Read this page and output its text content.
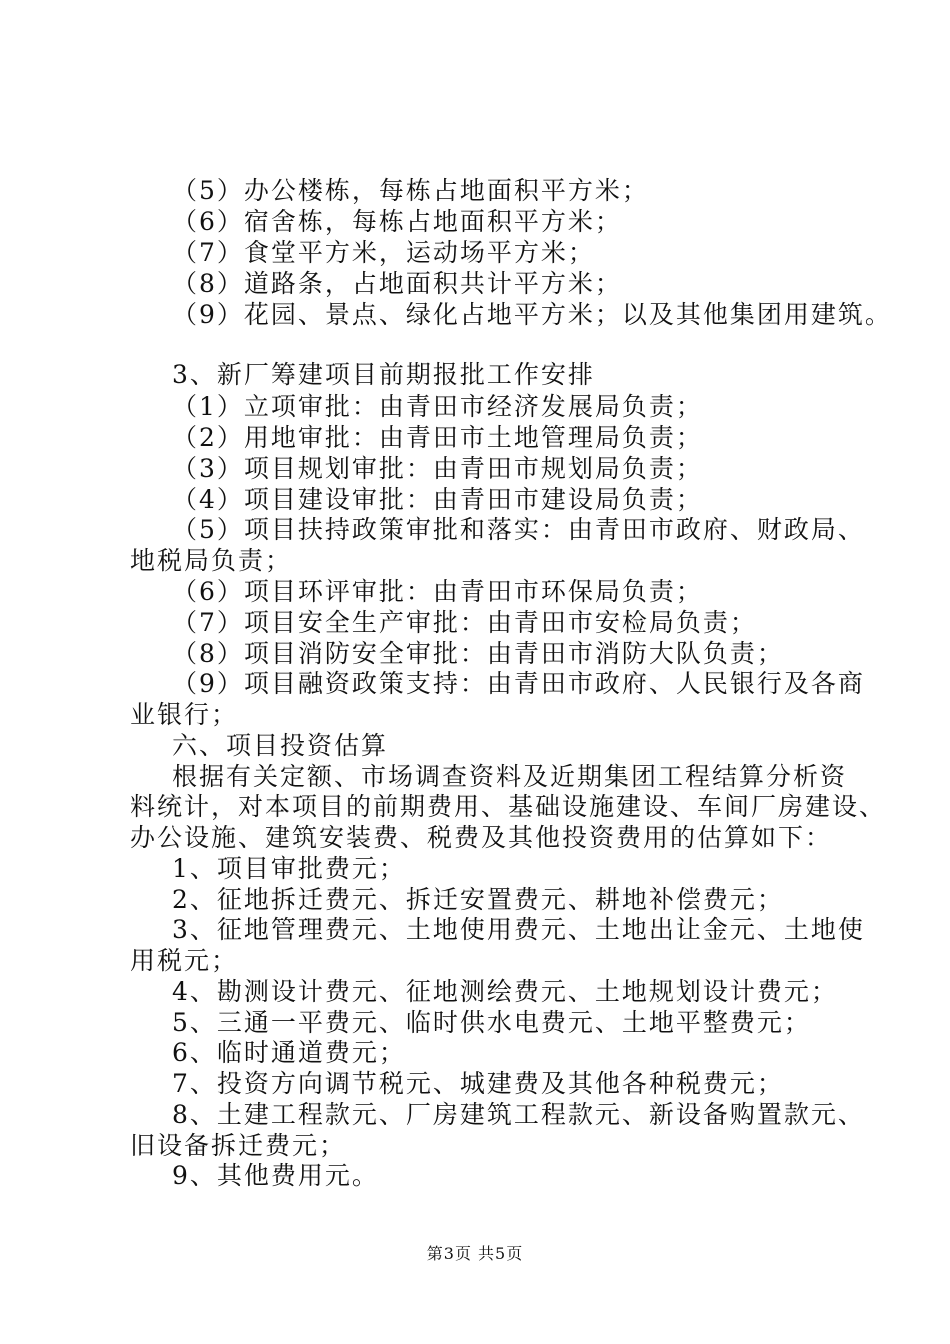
（5）办公楼栋，每栋占地面积平方米；
（6）宿舍栋，每栋占地面积平方米；
（7）食堂平方米，运动场平方米；
（8）道路条，占地面积共计平方米；
（9）花园、景点、绿化占地平方米；以及其他集团用建筑。
3、新厂筹建项目前期报批工作安排
（1）立项审批：由青田市经济发展局负责；
（2）用地审批：由青田市土地管理局负责；
（3）项目规划审批：由青田市规划局负责；
（4）项目建设审批：由青田市建设局负责；
（5）项目扶持政策审批和落实：由青田市政府、财政局、
地税局负责；
（6）项目环评审批：由青田市环保局负责；
（7）项目安全生产审批：由青田市安检局负责；
（8）项目消防安全审批：由青田市消防大队负责；
（9）项目融资政策支持：由青田市政府、人民银行及各商
业银行；
六、项目投资估算
根据有关定额、市场调查资料及近期集团工程结算分析资
料统计，对本项目的前期费用、基础设施建设、车间厂房建设、
办公设施、建筑安装费、税费及其他投资费用的估算如下：
1、项目审批费元；
2、征地拆迁费元、拆迁安置费元、耕地补偿费元；
3、征地管理费元、土地使用费元、土地出让金元、土地使
用税元；
4、勘测设计费元、征地测绘费元、土地规划设计费元；
5、三通一平费元、临时供水电费元、土地平整费元；
6、临时通道费元；
7、投资方向调节税元、城建费及其他各种税费元；
8、土建工程款元、厂房建筑工程款元、新设备购置款元、
旧设备拆迁费元；
9、其他费用元。
第3页 共5页
